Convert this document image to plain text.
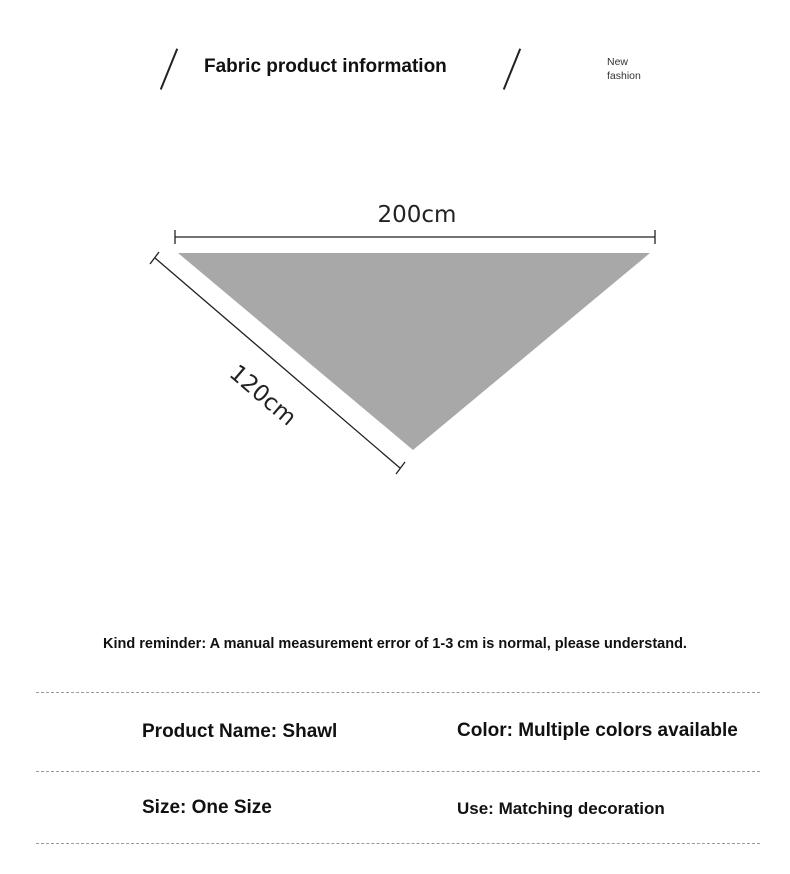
Fabric product information	New
fashion
200cm
120cm
Kind reminder: A manual measurement error of 1-3 cm is normal, please understand.
Product Name: Shawl	Color: Multiple colors available
Size: One Size	Use: Matching decoration
